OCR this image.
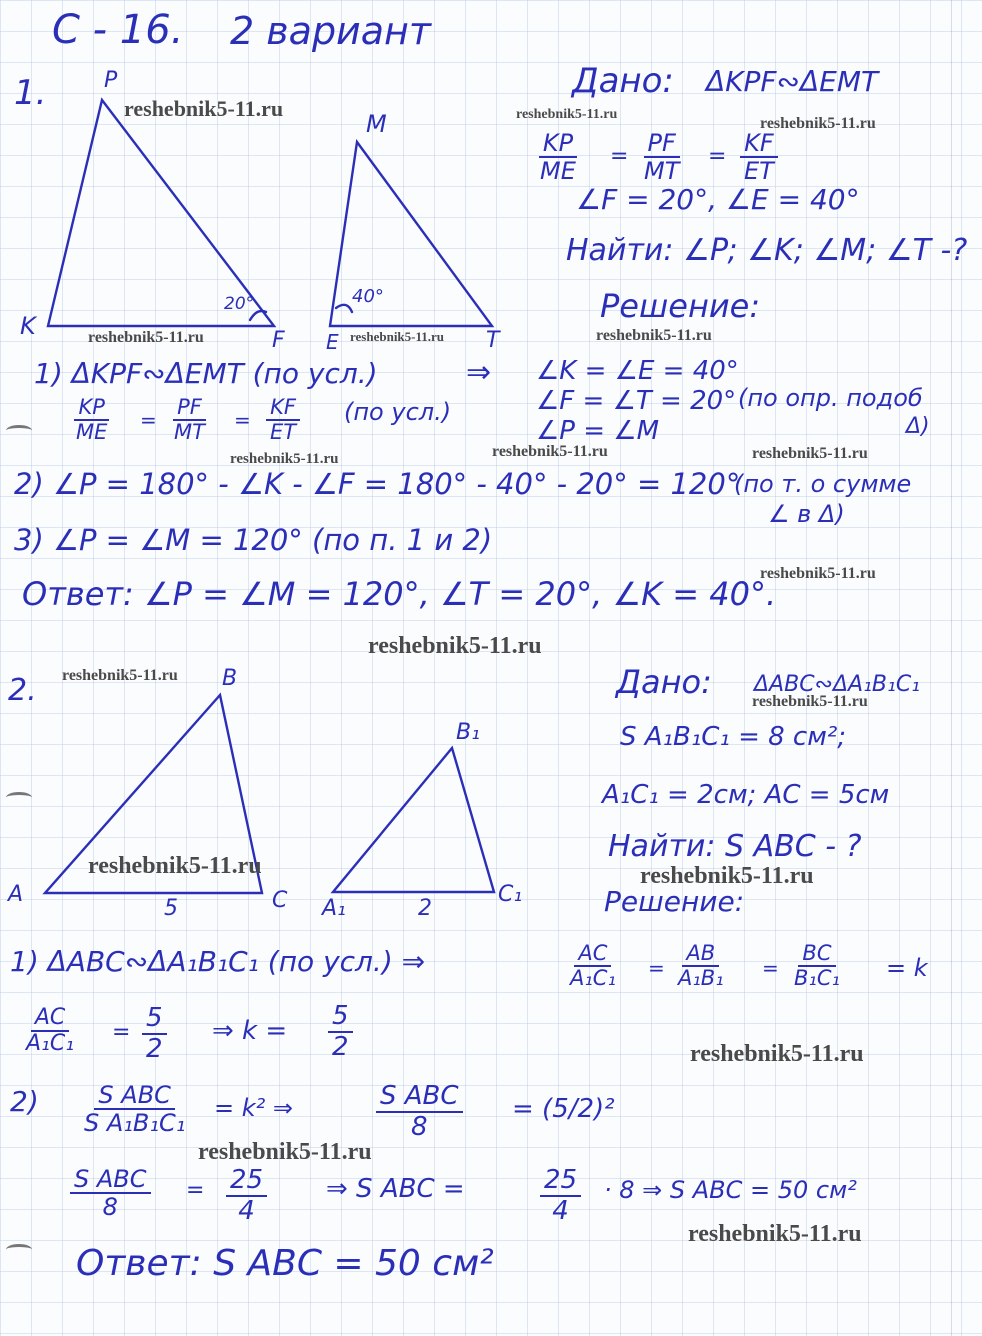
С - 16. 2 вариант
P
K
F
20°
M
E
40°
T
1.	Дано: ΔKPF∾ΔEMT
$\frac{KP}{ME} = \frac{PF}{MT} = \frac{KF}{ET}$
∠F = 20°, ∠E = 40°
Найти: ∠P; ∠K; ∠M; ∠T -?
Решение:
1) ΔKPF∾ΔEMT (по усл.)
$\frac{KP}{ME} = \frac{PF}{MT} = \frac{KF}{ET} (по$ усл.)
⇒ ∠K = ∠E = 40°
∠F = ∠T = 20°
∠P = ∠M
(по опр. подоб
Δ)
2) ∠P = 180° - ∠K - ∠F = 180° - 40° - 20° = 120°
(по т. о сумме
∠ в Δ)
3) ∠P = ∠M = 120° (по п. 1 и 2)
Ответ: ∠P = ∠M = 120°, ∠T = 20°, ∠K = 40°.
2.	B
A	C
5
B₁
A₁
C₁
2
Дано: ΔABC∾ΔA₁B₁C₁
S A₁B₁C₁ = 8 см²;
A₁C₁ = 2см; AC = 5см
Найти: S ABC - ?
Решение:
1) ΔABC∾ΔA₁B₁C₁ (по усл.) ⇒	$\frac{AC}{\text{A₁C₁}} = \frac{AB}{\text{A₁B₁}} = \frac{BC}{\text{B₁C₁}} = k$
$\frac{AC}{\text{A₁C₁}} = \frac{5}{2}$ ⇒ $k = \frac{5}{2}$
2) S ABC
S A₁B₁C₁
= k² ⇒	S ABC
8
= (5/2)²
S ABC
8
= $\frac{25}{4}$ ⇒ S ABC =	$\frac{25}{4} \cdot 8$ ⇒ S ABC = 50 см²
Ответ: S ABC = 50 см²
reshebnik5-11.ru	reshebnik5-11.ru
reshebnik5-11.ru
reshebnik5-11.ru	reshebnik5-11.ru	reshebnik5-11.ru
reshebnik5-11.ru	reshebnik5-11.ru	reshebnik5-11.ru
reshebnik5-11.ru
reshebnik5-11.ru
reshebnik5-11.ru
reshebnik5-11.ru
reshebnik5-11.ru	reshebnik5-11.ru
reshebnik5-11.ru
reshebnik5-11.ru
reshebnik5-11.ru
